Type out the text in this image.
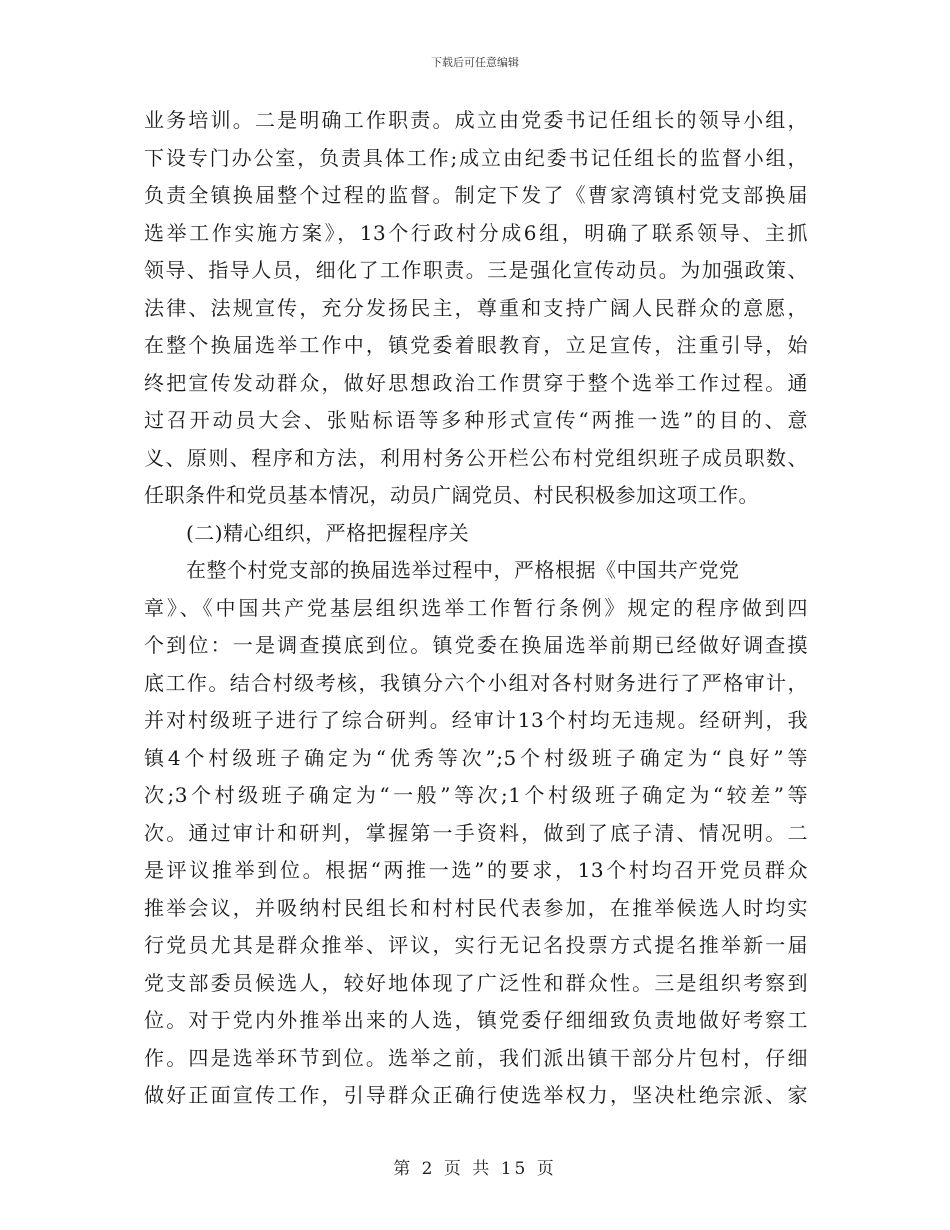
下载后可任意编辑
业务培训。二是明确工作职责。成立由党委书记任组长的领导小组，
下设专门办公室，负责具体工作;成立由纪委书记任组长的监督小组，
负责全镇换届整个过程的监督。制定下发了《曹家湾镇村党支部换届
选举工作实施方案》，13个行政村分成6组，明确了联系领导、主抓
领导、指导人员，细化了工作职责。三是强化宣传动员。为加强政策、
法律、法规宣传，充分发扬民主，尊重和支持广阔人民群众的意愿，
在整个换届选举工作中，镇党委着眼教育，立足宣传，注重引导，始
终把宣传发动群众，做好思想政治工作贯穿于整个选举工作过程。通
过召开动员大会、张贴标语等多种形式宣传“两推一选”的目的、意
义、原则、程序和方法，利用村务公开栏公布村党组织班子成员职数、
任职条件和党员基本情况，动员广阔党员、村民积极参加这项工作。
(二)精心组织，严格把握程序关
在整个村党支部的换届选举过程中，严格根据《中国共产党党
章》、《中国共产党基层组织选举工作暂行条例》规定的程序做到四
个到位：一是调查摸底到位。镇党委在换届选举前期已经做好调查摸
底工作。结合村级考核，我镇分六个小组对各村财务进行了严格审计，
并对村级班子进行了综合研判。经审计13个村均无违规。经研判，我
镇4个村级班子确定为“优秀等次”;5个村级班子确定为“良好”等
次;3个村级班子确定为“一般”等次;1个村级班子确定为“较差”等
次。通过审计和研判，掌握第一手资料，做到了底子清、情况明。二
是评议推举到位。根据“两推一选”的要求，13个村均召开党员群众
推举会议，并吸纳村民组长和村村民代表参加，在推举候选人时均实
行党员尤其是群众推举、评议，实行无记名投票方式提名推举新一届
党支部委员候选人，较好地体现了广泛性和群众性。三是组织考察到
位。对于党内外推举出来的人选，镇党委仔细细致负责地做好考察工
作。四是选举环节到位。选举之前，我们派出镇干部分片包村，仔细
做好正面宣传工作，引导群众正确行使选举权力，坚决杜绝宗派、家
第 2 页 共 15 页
